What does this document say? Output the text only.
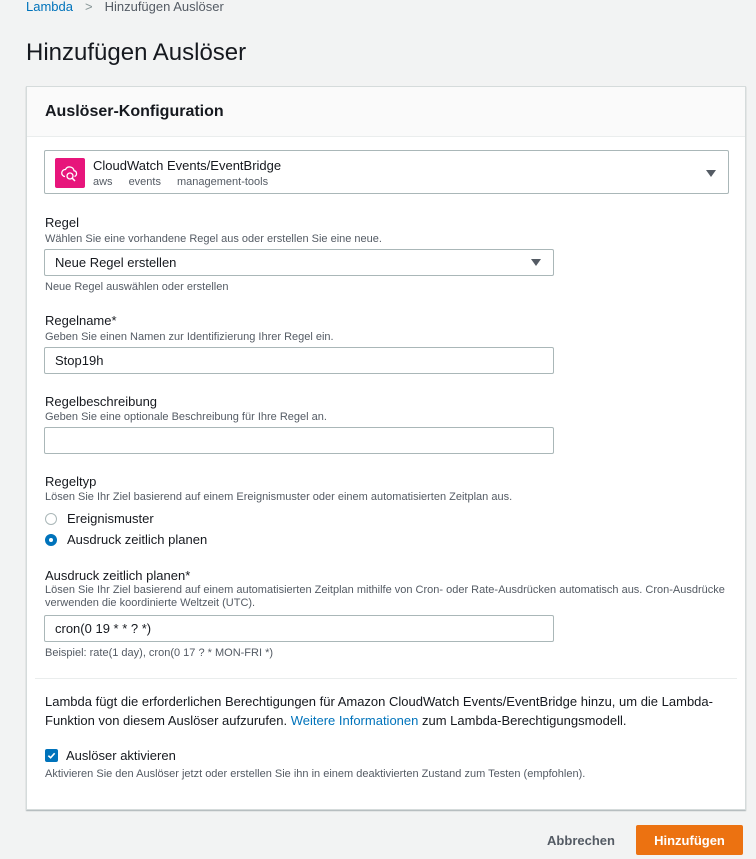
Lambda > Hinzufügen Auslöser
Hinzufügen Auslöser
Auslöser-Konfiguration
CloudWatch Events/EventBridge
aws events management-tools
Regel
Wählen Sie eine vorhandene Regel aus oder erstellen Sie eine neue.
Neue Regel erstellen
Neue Regel auswählen oder erstellen
Regelname*
Geben Sie einen Namen zur Identifizierung Ihrer Regel ein.
Stop19h
Regelbeschreibung
Geben Sie eine optionale Beschreibung für Ihre Regel an.
Regeltyp
Lösen Sie Ihr Ziel basierend auf einem Ereignismuster oder einem automatisierten Zeitplan aus.
Ereignismuster
Ausdruck zeitlich planen
Ausdruck zeitlich planen*
Lösen Sie Ihr Ziel basierend auf einem automatisierten Zeitplan mithilfe von Cron- oder Rate-Ausdrücken automatisch aus. Cron-Ausdrücke verwenden die koordinierte Weltzeit (UTC).
cron(0 19 * * ? *)
Beispiel: rate(1 day), cron(0 17 ? * MON-FRI *)
Lambda fügt die erforderlichen Berechtigungen für Amazon CloudWatch Events/EventBridge hinzu, um die Lambda-Funktion von diesem Auslöser aufzurufen. Weitere Informationen zum Lambda-Berechtigungsmodell.
Auslöser aktivieren
Aktivieren Sie den Auslöser jetzt oder erstellen Sie ihn in einem deaktivierten Zustand zum Testen (empfohlen).
Abbrechen	Hinzufügen
